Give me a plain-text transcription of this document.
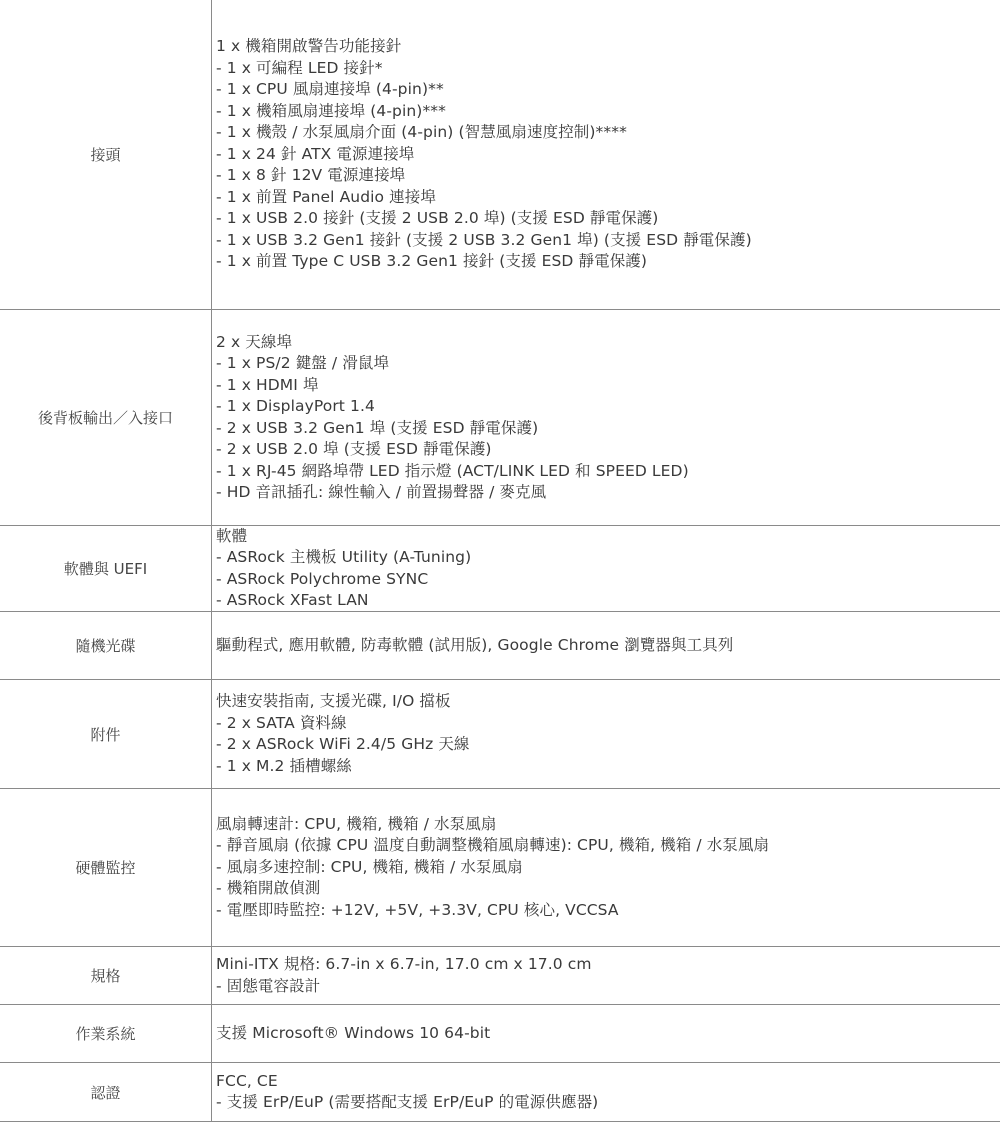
接頭
1 x 機箱開啟警告功能接針
- 1 x 可編程 LED 接針*
- 1 x CPU 風扇連接埠 (4-pin)**
- 1 x 機箱風扇連接埠 (4-pin)***
- 1 x 機殼 / 水泵風扇介面 (4-pin) (智慧風扇速度控制)****
- 1 x 24 針 ATX 電源連接埠
- 1 x 8 針 12V 電源連接埠
- 1 x 前置 Panel Audio 連接埠
- 1 x USB 2.0 接針 (支援 2 USB 2.0 埠) (支援 ESD 靜電保護)
- 1 x USB 3.2 Gen1 接針 (支援 2 USB 3.2 Gen1 埠) (支援 ESD 靜電保護)
- 1 x 前置 Type C USB 3.2 Gen1 接針 (支援 ESD 靜電保護)
後背板輸出／入接口
2 x 天線埠
- 1 x PS/2 鍵盤 / 滑鼠埠
- 1 x HDMI 埠
- 1 x DisplayPort 1.4
- 2 x USB 3.2 Gen1 埠 (支援 ESD 靜電保護)
- 2 x USB 2.0 埠 (支援 ESD 靜電保護)
- 1 x RJ-45 網路埠帶 LED 指示燈 (ACT/LINK LED 和 SPEED LED)
- HD 音訊插孔: 線性輸入 / 前置揚聲器 / 麥克風
軟體與 UEFI
軟體
- ASRock 主機板 Utility (A-Tuning)
- ASRock Polychrome SYNC
- ASRock XFast LAN
隨機光碟	驅動程式, 應用軟體, 防毒軟體 (試用版), Google Chrome 瀏覽器與工具列
附件
快速安裝指南, 支援光碟, I/O 擋板
- 2 x SATA 資料線
- 2 x ASRock WiFi 2.4/5 GHz 天線
- 1 x M.2 插槽螺絲
硬體監控
風扇轉速計: CPU, 機箱, 機箱 / 水泵風扇
- 靜音風扇 (依據 CPU 溫度自動調整機箱風扇轉速): CPU, 機箱, 機箱 / 水泵風扇
- 風扇多速控制: CPU, 機箱, 機箱 / 水泵風扇
- 機箱開啟偵測
- 電壓即時監控: +12V, +5V, +3.3V, CPU 核心, VCCSA
規格
Mini-ITX 規格: 6.7-in x 6.7-in, 17.0 cm x 17.0 cm
- 固態電容設計
作業系統	支援 Microsoft® Windows 10 64-bit
認證
FCC, CE
- 支援 ErP/EuP (需要搭配支援 ErP/EuP 的電源供應器)
